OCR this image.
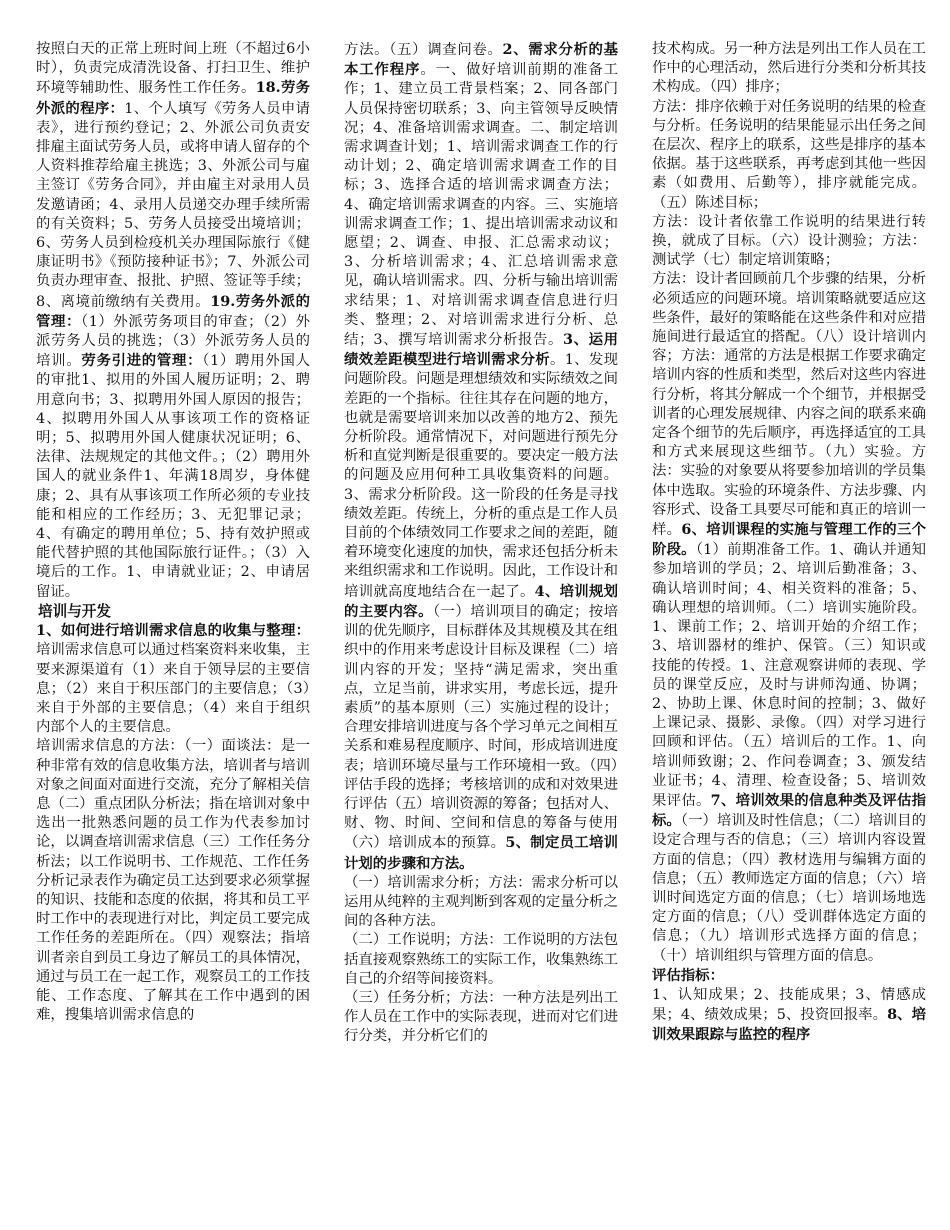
按照白天的正常上班时间上班（不超过6小时），负责完成清洗设备、打扫卫生、维护环境等辅助性、服务性工作任务。18.劳务外派的程序：1、个人填写《劳务人员申请表》，进行预约登记；2、外派公司负责安排雇主面试劳务人员，或将申请人留存的个人资料推荐给雇主挑选；3、外派公司与雇主签订《劳务合同》，并由雇主对录用人员发邀请函；4、录用人员递交办理手续所需的有关资料；5、劳务人员接受出境培训；6、劳务人员到检疫机关办理国际旅行《健康证明书》《预防接种证书》；7、外派公司负责办理审查、报批、护照、签证等手续；8、离境前缴纳有关费用。19.劳务外派的管理：（1）外派劳务项目的审查；（2）外派劳务人员的挑选；（3）外派劳务人员的培训。劳务引进的管理：（1）聘用外国人的审批1、拟用的外国人履历证明；2、聘用意向书；3、拟聘用外国人原因的报告；4、拟聘用外国人从事该项工作的资格证明；5、拟聘用外国人健康状况证明；6、法律、法规规定的其他文件。；（2）聘用外国人的就业条件1、年满18周岁，身体健康；2、具有从事该项工作所必须的专业技能和相应的工作经历；3、无犯罪记录；4、有确定的聘用单位；5、持有效护照或能代替护照的其他国际旅行证件。；（3）入境后的工作。1、申请就业证；2、申请居留证。

培训与开发

1、如何进行培训需求信息的收集与整理：培训需求信息可以通过档案资料来收集，主要来源渠道有（1）来自于领导层的主要信息；（2）来自于积压部门的主要信息；（3）来自于外部的主要信息；（4）来自于组织内部个人的主要信息。

培训需求信息的方法：（一）面谈法：是一种非常有效的信息收集方法，培训者与培训对象之间面对面进行交流，充分了解相关信息（二）重点团队分析法；指在培训对象中选出一批熟悉问题的员工作为代表参加讨论，以调查培训需求信息（三）工作任务分析法；以工作说明书、工作规范、工作任务分析记录表作为确定员工达到要求必须掌握的知识、技能和态度的依据，将其和员工平时工作中的表现进行对比，判定员工要完成工作任务的差距所在。（四）观察法；指培训者亲自到员工身边了解员工的具体情况，通过与员工在一起工作，观察员工的工作技能、工作态度、了解其在工作中遇到的困难，搜集培训需求信息的

方法。（五）调查问卷。2、需求分析的基本工作程序。一、做好培训前期的准备工作；1、建立员工背景档案；2、同各部门人员保持密切联系；3、向主管领导反映情况；4、准备培训需求调查。二、制定培训需求调查计划；1、培训需求调查工作的行动计划；2、确定培训需求调查工作的目标；3、选择合适的培训需求调查方法；4、确定培训需求调查的内容。三、实施培训需求调查工作；1、提出培训需求动议和愿望；2、调查、申报、汇总需求动议；3、分析培训需求；4、汇总培训需求意见，确认培训需求。四、分析与输出培训需求结果；1、对培训需求调查信息进行归类、整理；2、对培训需求进行分析、总结；3、撰写培训需求分析报告。3、运用绩效差距模型进行培训需求分析。1、发现问题阶段。问题是理想绩效和实际绩效之间差距的一个指标。往往其存在问题的地方，也就是需要培训来加以改善的地方2、预先分析阶段。通常情况下，对问题进行预先分析和直觉判断是很重要的。要决定一般方法的问题及应用何种工具收集资料的问题。3、需求分析阶段。这一阶段的任务是寻找绩效差距。传统上，分析的重点是工作人员目前的个体绩效同工作要求之间的差距，随着环境变化速度的加快，需求还包括分析未来组织需求和工作说明。因此，工作设计和培训就高度地结合在一起了。4、培训规划的主要内容。（一）培训项目的确定；按培训的优先顺序，目标群体及其规模及其在组织中的作用来考虑设计目标及课程（二）培训内容的开发；坚持“满足需求，突出重点，立足当前，讲求实用，考虑长远，提升素质”的基本原则（三）实施过程的设计；合理安排培训进度与各个学习单元之间相互关系和难易程度顺序、时间，形成培训进度表；培训环境尽量与工作环境相一致。（四）评估手段的选择；考核培训的成和对效果进行评估（五）培训资源的筹备；包括对人、财、物、时间、空间和信息的筹备与使用（六）培训成本的预算。5、制定员工培训计划的步骤和方法。

（一）培训需求分析；方法：需求分析可以运用从纯粹的主观判断到客观的定量分析之间的各种方法。

（二）工作说明；方法：工作说明的方法包括直接观察熟练工的实际工作，收集熟练工自己的介绍等间接资料。

（三）任务分析；方法：一种方法是列出工作人员在工作中的实际表现，进而对它们进行分类，并分析它们的

技术构成。另一种方法是列出工作人员在工作中的心理活动，然后进行分类和分析其技术构成。（四）排序；

方法：排序依赖于对任务说明的结果的检查与分析。任务说明的结果能显示出任务之间在层次、程序上的联系，这些是排序的基本依据。基于这些联系，再考虑到其他一些因素（如费用、后勤等），排序就能完成。（五）陈述目标；

方法：设计者依靠工作说明的结果进行转换，就成了目标。（六）设计测验；方法：测试学（七）制定培训策略；

方法：设计者回顾前几个步骤的结果，分析必须适应的问题环境。培训策略就要适应这些条件，最好的策略能在这些条件和对应措施间进行最适宜的搭配。（八）设计培训内容；方法：通常的方法是根据工作要求确定培训内容的性质和类型，然后对这些内容进行分析，将其分解成一个个细节，并根据受训者的心理发展规律、内容之间的联系来确定各个细节的先后顺序，再选择适宜的工具和方式来展现这些细节。（九）实验。方法：实验的对象要从将要参加培训的学员集体中选取。实验的环境条件、方法步骤、内容形式、设备工具要尽可能和真正的培训一样。6、培训课程的实施与管理工作的三个阶段。（1）前期准备工作。1、确认并通知参加培训的学员；2、培训后勤准备；3、确认培训时间；4、相关资料的准备；5、确认理想的培训师。（二）培训实施阶段。1、课前工作；2、培训开始的介绍工作；3、培训器材的维护、保管。（三）知识或技能的传授。1、注意观察讲师的表现、学员的课堂反应，及时与讲师沟通、协调；2、协助上课、休息时间的控制；3、做好上课记录、摄影、录像。（四）对学习进行回顾和评估。（五）培训后的工作。1、向培训师致谢；2、作问卷调查；3、颁发结业证书；4、清理、检查设备；5、培训效果评估。7、培训效果的信息种类及评估指标。（一）培训及时性信息；（二）培训目的设定合理与否的信息；（三）培训内容设置方面的信息；（四）教材选用与编辑方面的信息；（五）教师选定方面的信息；（六）培训时间选定方面的信息；（七）培训场地选定方面的信息；（八）受训群体选定方面的信息；（九）培训形式选择方面的信息；（十）培训组织与管理方面的信息。

评估指标：

1、认知成果；2、技能成果；3、情感成果；4、绩效成果；5、投资回报率。8、培训效果跟踪与监控的程序
